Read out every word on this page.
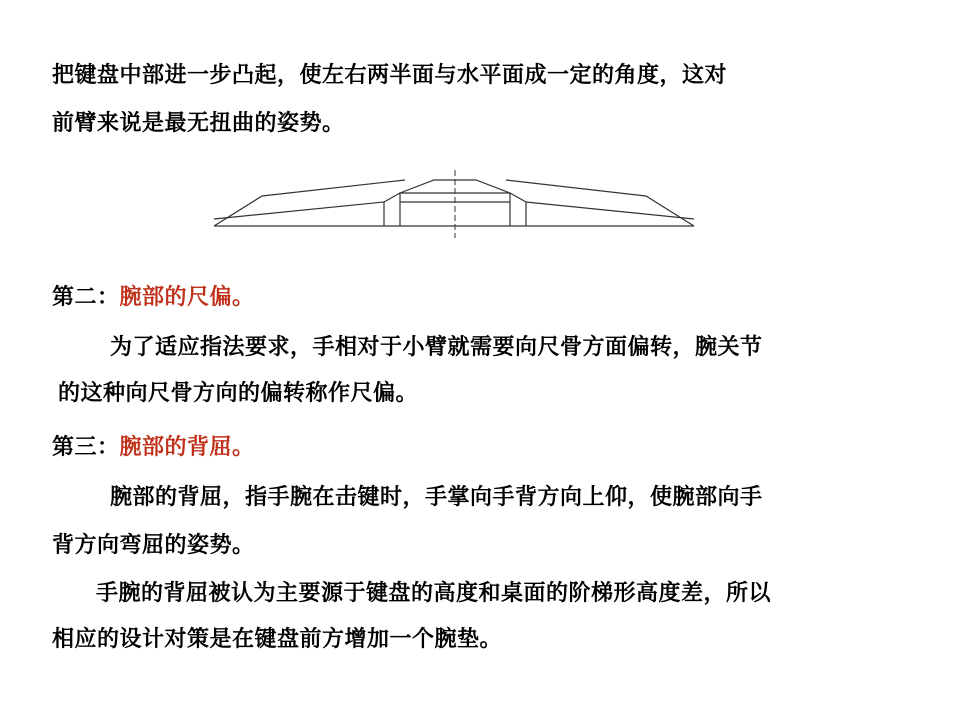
把键盘中部进一步凸起，使左右两半面与水平面成一定的角度，这对
前臂来说是最无扭曲的姿势。
第二：腕部的尺偏。
为了适应指法要求，手相对于小臂就需要向尺骨方面偏转，腕关节
的这种向尺骨方向的偏转称作尺偏。
第三：腕部的背屈。
腕部的背屈，指手腕在击键时，手掌向手背方向上仰，使腕部向手
背方向弯屈的姿势。
手腕的背屈被认为主要源于键盘的高度和桌面的阶梯形高度差，所以
相应的设计对策是在键盘前方增加一个腕垫。
